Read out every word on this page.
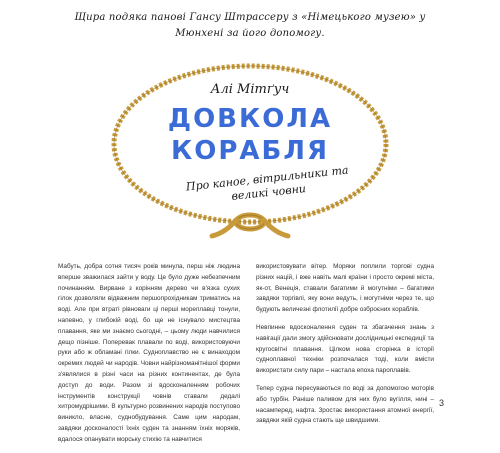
Щира подяка панові Гансу Штрассеру з «Німецького музею» у Мюнхені за його допомогу.
Алі Мітґуч
ДОВКОЛА
КОРАБЛЯ
Про каное, вітрильники та великі човни

Мабуть, добра сотня тисяч років минула, перш ніж людина вперше зважилася зайти у воду. Це було дуже небезпечним починанням. Вирване з корінням дерево чи в'язка сухих гілок дозволяли відважним першопрохідникам триматись на воді. Але при втраті рівноваги ці перші мореплавці тонули, напевно, у глибокій воді, бо ще не існувало мистецтва плавання, яке ми знаємо сьогодні, – цьому люди навчилися дещо пізніше. Поперевак плавали по воді, використовуючи руки або ж обламані гілки. Судноплавство не є винаходом окремих людей чи народів. Човни найрізноманітнішої форми з'являлися в різні часи на різних континентах, де була доступ до води. Разом зі вдосконаленням робочих інструментів конструкції човнів ставали дедалі хитромудрішими. В культурно розвинених народів поступово виникло, власне, суднобудування. Саме цим народам, завдяки досконалості їхніх суден та знанням їхніх моряків, вдалося опанувати морську стихію та навчитися

використовувати вітер. Моряки поплили торгові судна різних націй, і вже навіть малі країни і просто окремі міста, як-от, Венеція, ставали багатими й могутніми – багатими завдяки торгівлі, яку вони ведуть, і могутніми через те, що будують величезні флотилії добре озброєних кораблів.

Невпинне вдосконалення суден та збагачення знань з навігації дали змогу здійснювати дослідницькі експедиції та кругосвітні плавання. Цілком нова сторінка в історії судноплавної техніки розпочалася тоді, коли вмісти використати силу пари – настала епоха пароплавів.

Тепер судна пересуваються по воді за допомогою моторів або турбін. Раніше паливом для них було вугілля, нині – насамперед, нафта. Зростає використання атомної енергії, завдяки якій судна стають ще швидшими.

3
